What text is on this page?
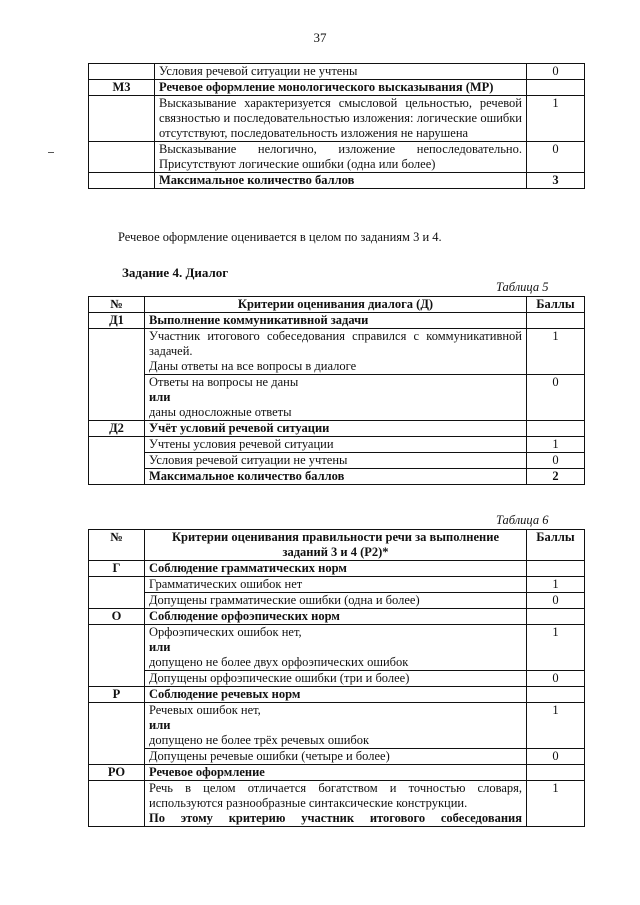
37
	Условия речевой ситуации не учтены	0
М3	Речевое оформление монологического высказывания (МР)	
	Высказывание характеризуется смысловой цельностью, речевой связностью и последовательностью изложения: логические ошибки отсутствуют, последовательность изложения не нарушена	1
	Высказывание нелогично, изложение непоследовательно. Присутствуют логические ошибки (одна или более)	0
	Максимальное количество баллов	3
Речевое оформление оценивается в целом по заданиям 3 и 4.
Задание 4. Диалог
Таблица 5
№	Критерии оценивания диалога (Д)	Баллы
Д1	Выполнение коммуникативной задачи	

	Участник итогового собеседования справился с коммуникативной задачей.
Даны ответы на все вопросы в диалоге	1

	Ответы на вопросы не даны
или
даны односложные ответы	0
Д2	Учёт условий речевой ситуации	
	Учтены условия речевой ситуации	1
	Условия речевой ситуации не учтены	0
	Максимальное количество баллов	2
Таблица 6
№	Критерии оценивания правильности речи за выполнение заданий 3 и 4 (Р2)*	Баллы
Г	Соблюдение грамматических норм	
	Грамматических ошибок нет	1
	Допущены грамматические ошибки (одна и более)	0
О	Соблюдение орфоэпических норм	

	Орфоэпических ошибок нет,
или
допущено не более двух орфоэпических ошибок	1
	Допущены орфоэпические ошибки (три и более)	0
Р	Соблюдение речевых норм	

	Речевых ошибок нет,
или
допущено не более трёх речевых ошибок	1
	Допущены речевые ошибки (четыре и более)	0
РО	Речевое оформление	

	Речь в целом отличается богатством и точностью словаря, используются разнообразные синтаксические конструкции.
По этому критерию участник итогового собеседования	1
